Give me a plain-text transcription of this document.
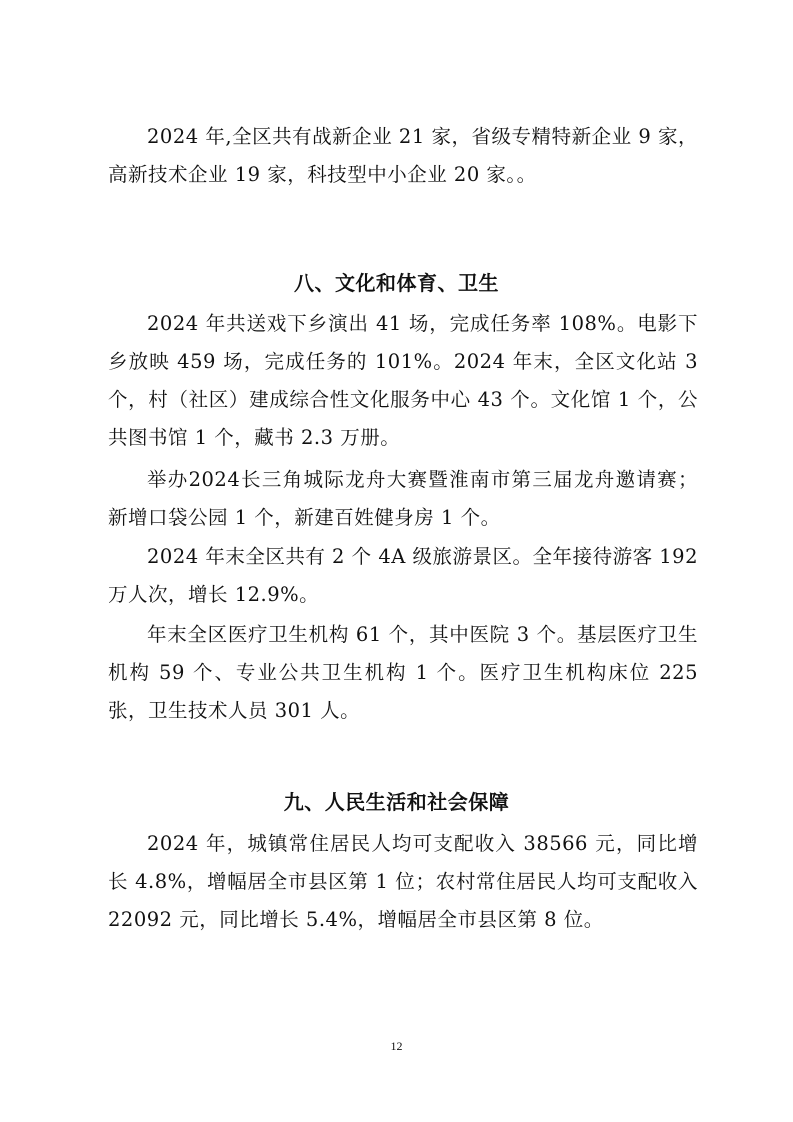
2024 年,全区共有战新企业 21 家，省级专精特新企业 9 家，高新技术企业 19 家，科技型中小企业 20 家。。

八、文化和体育、卫生

2024 年共送戏下乡演出 41 场，完成任务率 108%。电影下乡放映 459 场，完成任务的 101%。2024 年末，全区文化站 3 个，村（社区）建成综合性文化服务中心 43 个。文化馆 1 个，公共图书馆 1 个，藏书 2.3 万册。

举办2024长三角城际龙舟大赛暨淮南市第三届龙舟邀请赛；新增口袋公园 1 个，新建百姓健身房 1 个。

2024 年末全区共有 2 个 4A 级旅游景区。全年接待游客 192 万人次，增长 12.9%。

年末全区医疗卫生机构 61 个，其中医院 3 个。基层医疗卫生机构 59 个、专业公共卫生机构 1 个。医疗卫生机构床位 225 张，卫生技术人员 301 人。

九、人民生活和社会保障

2024 年，城镇常住居民人均可支配收入 38566 元，同比增长 4.8%，增幅居全市县区第 1 位；农村常住居民人均可支配收入 22092 元，同比增长 5.4%，增幅居全市县区第 8 位。

12
